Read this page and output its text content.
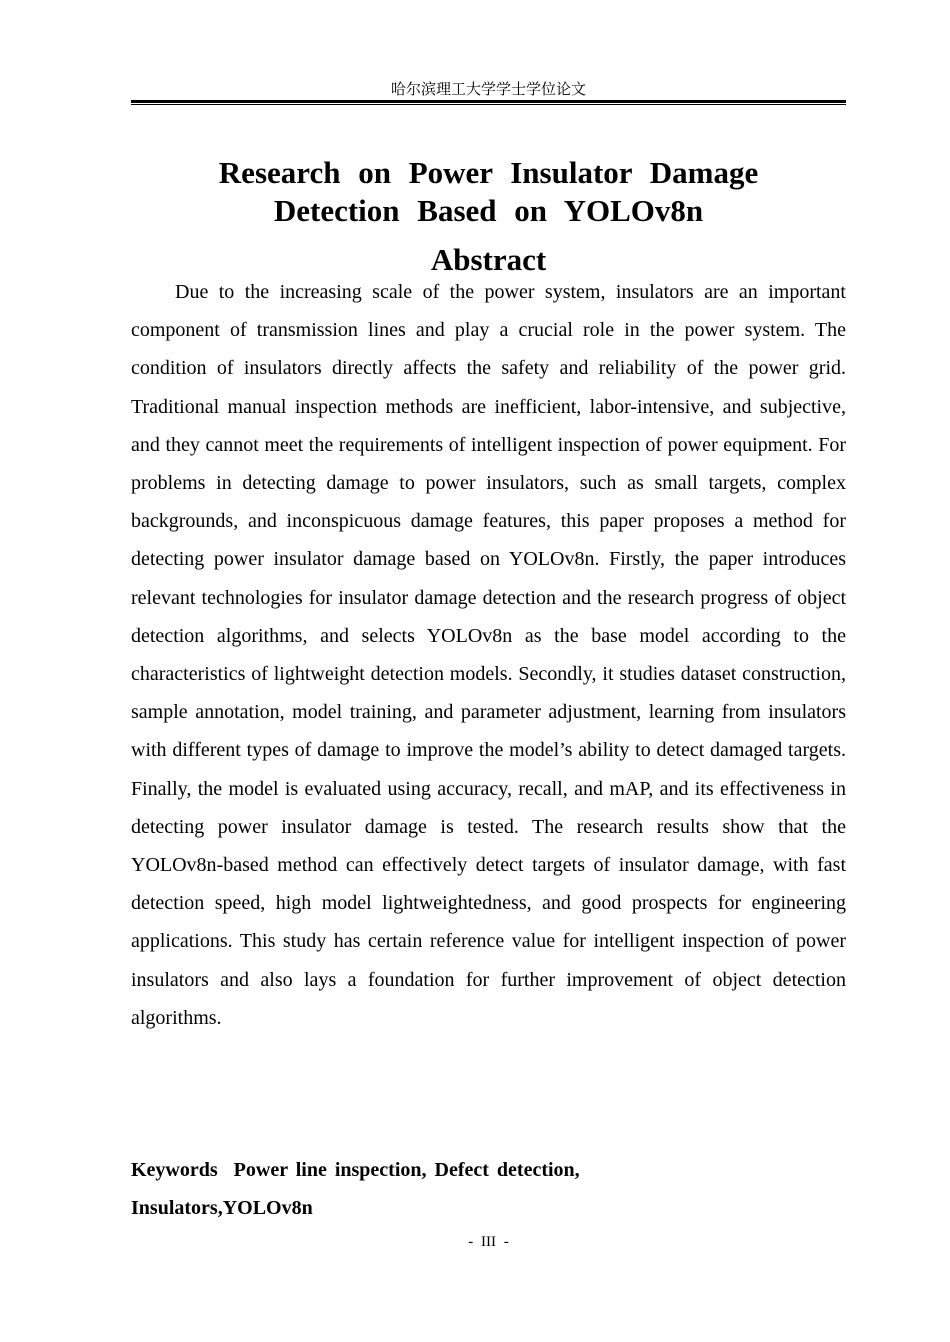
哈尔滨理工大学学士学位论文
Research on Power Insulator Damage
Detection Based on YOLOv8n
Abstract

Due to the increasing scale of the power system, insulators are an important component of transmission lines and play a crucial role in the power system. The condition of insulators directly affects the safety and reliability of the power grid. Traditional manual inspection methods are inefficient, labor-intensive, and subjective, and they cannot meet the requirements of intelligent inspection of power equipment. For problems in detecting damage to power insulators, such as small targets, complex backgrounds, and inconspicuous damage features, this paper proposes a method for detecting power insulator damage based on YOLOv8n. Firstly, the paper introduces relevant technologies for insulator damage detection and the research progress of object detection algorithms, and selects YOLOv8n as the base model according to the characteristics of lightweight detection models. Secondly, it studies dataset construction, sample annotation, model training, and parameter adjustment, learning from insulators with different types of damage to improve the model’s ability to detect damaged targets. Finally, the model is evaluated using accuracy, recall, and mAP, and its effectiveness in detecting power insulator damage is tested. The research results show that the YOLOv8n-based method can effectively detect targets of insulator damage, with fast detection speed, high model lightweightedness, and good prospects for engineering applications. This study has certain reference value for intelligent inspection of power insulators and also lays a foundation for further improvement of object detection algorithms.

Keywords Power line inspection, Defect detection, Insulators,YOLOv8n
- III -
